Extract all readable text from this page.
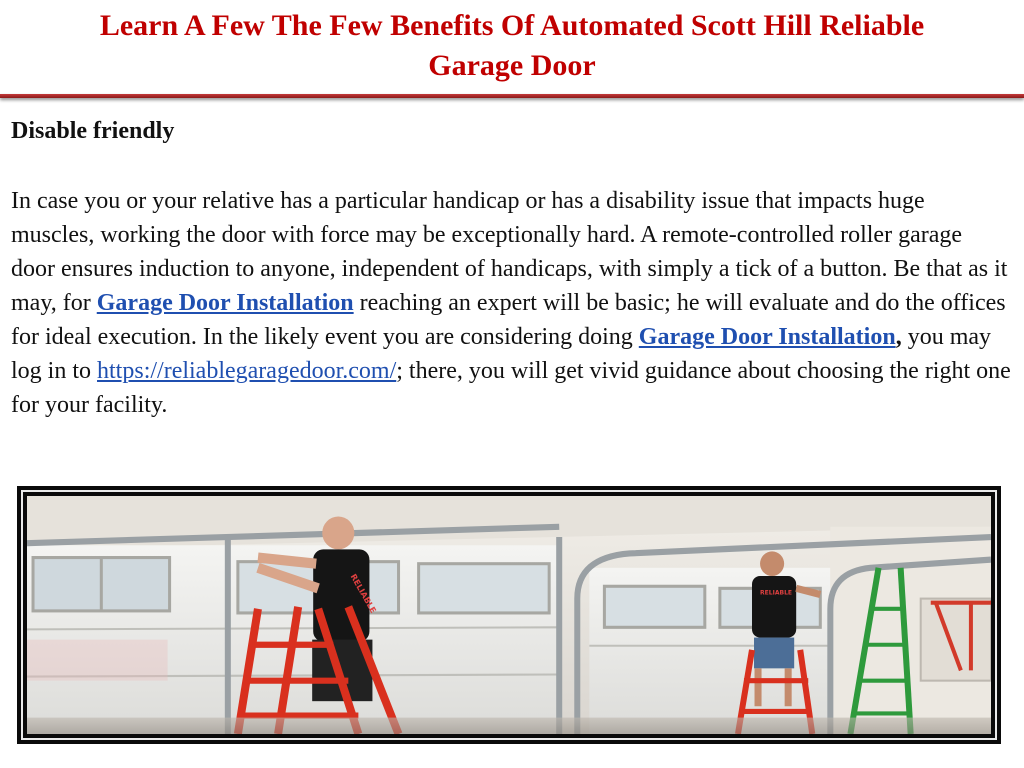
Learn A Few The Few Benefits Of Automated Scott Hill Reliable
Garage Door
Disable friendly
In case you or your relative has a particular handicap or has a disability issue that impacts huge muscles, working the door with force may be exceptionally hard. A remote-controlled roller garage door ensures induction to anyone, independent of handicaps, with simply a tick of a button. Be that as it may, for Garage Door Installation reaching an expert will be basic; he will evaluate and do the offices for ideal execution. In the likely event you are considering doing Garage Door Installation, you may log in to https://reliablegaragedoor.com/; there, you will get vivid guidance about choosing the right one for your facility.
RELIABLE	RELIABLE
